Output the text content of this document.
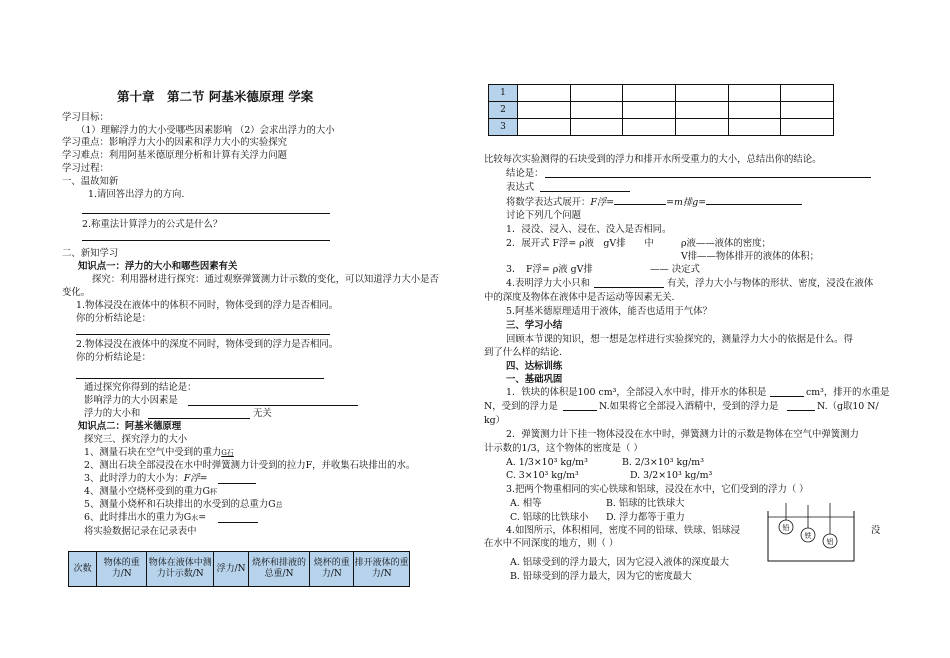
第十章　第二节 阿基米德原理 学案
学习目标：
（1）理解浮力的大小受哪些因素影响 （2）会求出浮力的大小
学习重点：影响浮力大小的因素和浮力大小的实验探究
学习难点：利用阿基米德原理分析和计算有关浮力问题
学习过程：
一、温故知新
1.请回答出浮力的方向.
2.称重法计算浮力的公式是什么？
二、新知学习
知识点一：浮力的大小和哪些因素有关
探究：利用器材进行探究：通过观察弹簧测力计示数的变化，可以知道浮力大小是否
变化。
1.物体浸没在液体中的体积不同时，物体受到的浮力是否相同。
你的分析结论是：
2.物体浸没在液体中的深度不同时，物体受到的浮力是否相同。
你的分析结论是：
通过探究你得到的结论是：
影响浮力的大小因素是
浮力的大小和	无关
知识点二：阿基米德原理
探究三、探究浮力的大小
1、测量石块在空气中受到的重力G石
2、测出石块全部浸没在水中时弹簧测力计受到的拉力F，并收集石块排出的水。
3、此时浮力的大小为：F浮=
4、测量小空烧杯受到的重力G杯
5、测量小烧杯和石块排出的水受到的总重力G总
6、此时排出水的重力为G水=
将实验数据记录在记录表中
次数	物体的重力/N	物体在液体中测力计示数/N	浮力/N	烧杯和排液的总重/N	烧杯的重力/N	排开液体的重力/N
1						
2						
3						
比较每次实验测得的石块受到的浮力和排开水所受重力的大小，总结出你的结论。
结论是：
表达式
将数学表达式展开：F浮=	=m排g=
讨论下列几个问题
1．浸没、浸入、浸在、没入是否相同。
2．展开式 F浮= ρ液　gV排　　中	ρ液——液体的密度；
V排——物体排开的液体的体积；
3．　F浮= ρ液 gV排	—— 决定式
4.表明浮力大小只和	有关，浮力大小与物体的形状、密度，浸没在液体
中的深度及物体在液体中是否运动等因素无关.
5.阿基米德原理适用于液体，能否也适用于气体？
三、学习小结
回顾本节课的知识，想一想是怎样进行实验探究的，测量浮力大小的依据是什么。得
到了什么样的结论.
四、达标训练
一、基础巩固
1．铁块的体积是100 cm³，全部浸入水中时，排开水的体积是	cm³，排开的水重是
N，受到的浮力是	N.如果将它全部浸入酒精中，受到的浮力是	N.（g取10 N/
kg）
2．弹簧测力计下挂一物体浸没在水中时，弹簧测力计的示数是物体在空气中弹簧测力
计示数的1/3，这个物体的密度是（ ）
A. 1/3×10³ kg/m³	B. 2/3×10³ kg/m³
C. 3×10³ kg/m³	D. 3/2×10³ kg/m³
3.把两个物重相同的实心铁球和铝球，浸没在水中，它们受到的浮力（ ）
A. 相等	B. 铝球的比铁球大
C. 铝球的比铁球小 D. 浮力都等于重力
4.如图所示，体积相同，密度不同的铅球、铁球、铝球浸	没
在水中不同深度的地方，则（ ）
铅
铁
铝
A. 铝球受到的浮力最大，因为它浸入液体的深度最大
B. 铅球受到的浮力最大，因为它的密度最大
